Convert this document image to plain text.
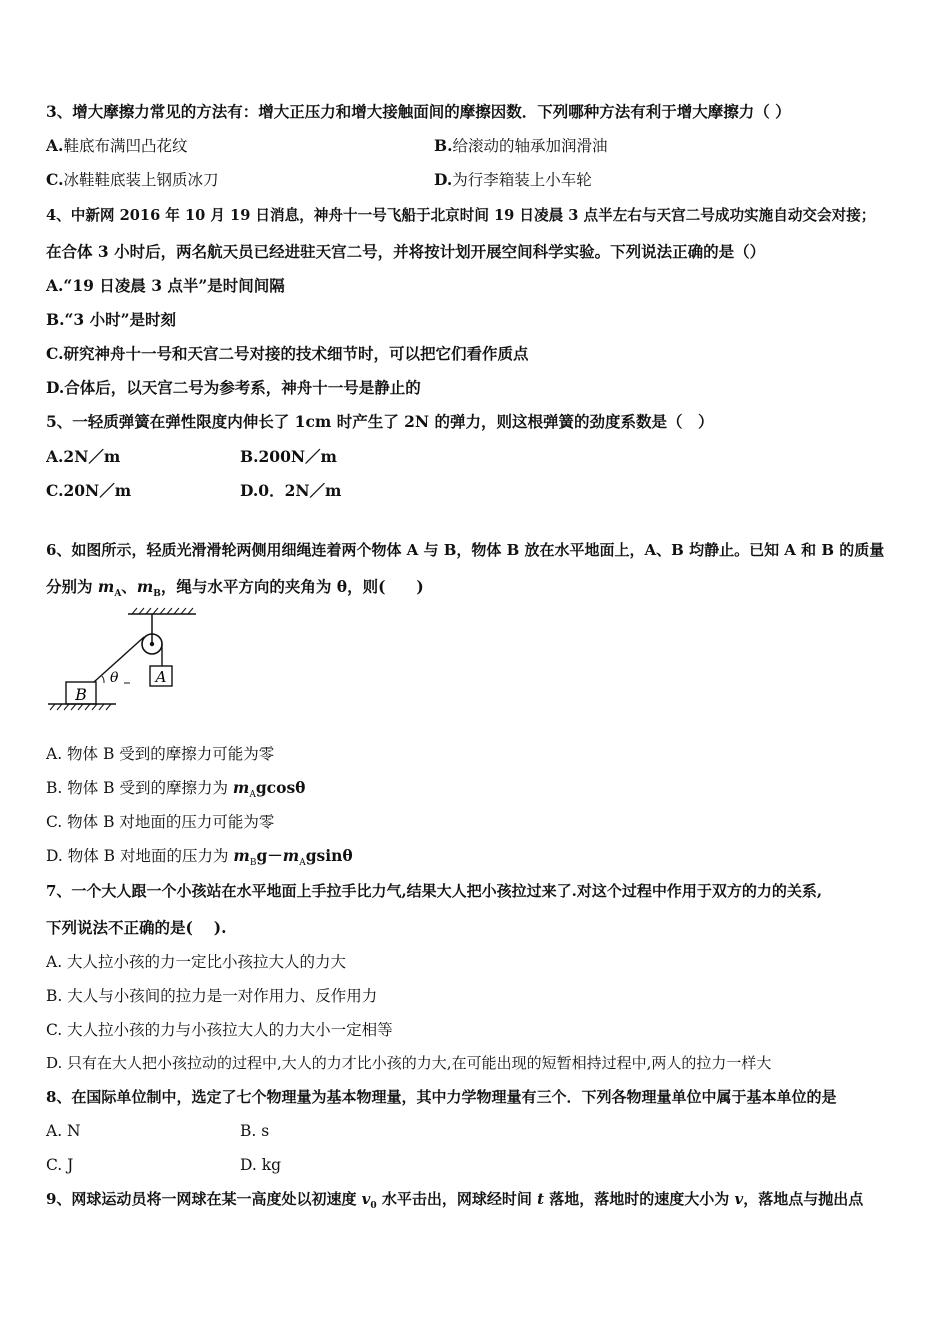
3、增大摩擦力常见的方法有：增大正压力和增大接触面间的摩擦因数．下列哪种方法有利于增大摩擦力（ ）
A.鞋底布满凹凸花纹	B.给滚动的轴承加润滑油
C.冰鞋鞋底装上钢质冰刀	D.为行李箱装上小车轮
4、中新网 2016 年 10 月 19 日消息，神舟十一号飞船于北京时间 19 日凌晨 3 点半左右与天宫二号成功实施自动交会对接；
在合体 3 小时后，两名航天员已经进驻天宫二号，并将按计划开展空间科学实验。下列说法正确的是（）
A.“19 日凌晨 3 点半”是时间间隔
B.“3 小时”是时刻
C.研究神舟十一号和天宫二号对接的技术细节时，可以把它们看作质点
D.合体后，以天宫二号为参考系，神舟十一号是静止的
5、一轻质弹簧在弹性限度内伸长了 1cm 时产生了 2N 的弹力，则这根弹簧的劲度系数是（　）
A.2N／m	B.200N／m
C.20N／m	D.0．2N／m
6、如图所示，轻质光滑滑轮两侧用细绳连着两个物体 A 与 B，物体 B 放在水平地面上，A、B 均静止。已知 A 和 B 的质量
分别为 $m_A$、$m_B$，绳与水平方向的夹角为 θ，则(　　)
A
B
θ
A. 物体 B 受到的摩擦力可能为零
B. 物体 B 受到的摩擦力为 $m_Agcos\theta$
C. 物体 B 对地面的压力可能为零
D. 物体 B 对地面的压力为 $m_Bg-m_Agsin\theta$
7、一个大人跟一个小孩站在水平地面上手拉手比力气,结果大人把小孩拉过来了.对这个过程中作用于双方的力的关系,
下列说法不正确的是(　 ).
A. 大人拉小孩的力一定比小孩拉大人的力大
B. 大人与小孩间的拉力是一对作用力、反作用力
C. 大人拉小孩的力与小孩拉大人的力大小一定相等
D. 只有在大人把小孩拉动的过程中,大人的力才比小孩的力大,在可能出现的短暂相持过程中,两人的拉力一样大
8、在国际单位制中，选定了七个物理量为基本物理量，其中力学物理量有三个．下列各物理量单位中属于基本单位的是
A. N	B. s
C. J	D. kg
9、网球运动员将一网球在某一高度处以初速度 $v_0$ 水平击出，网球经时间 t 落地，落地时的速度大小为 v，落地点与抛出点
